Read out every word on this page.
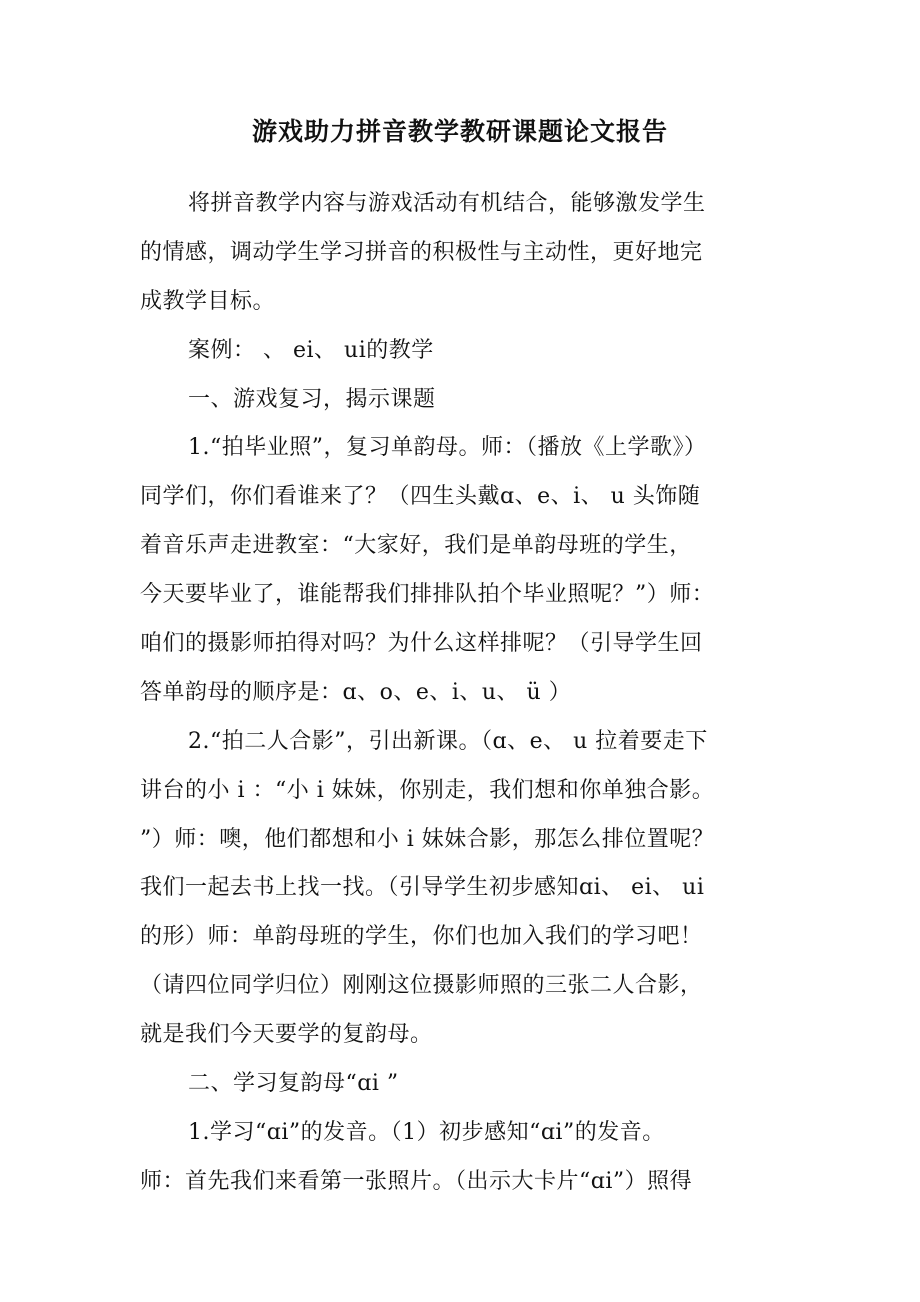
游戏助力拼音教学教研课题论文报告
将拼音教学内容与游戏活动有机结合，能够激发学生
的情感，调动学生学习拼音的积极性与主动性，更好地完
成教学目标。
案例： 、 ei、 ui的教学
一、游戏复习，揭示课题
1.“拍毕业照”，复习单韵母。师：（播放《上学歌》）
同学们，你们看谁来了？（四生头戴ɑ、e、i、 u 头饰随
着音乐声走进教室：“大家好，我们是单韵母班的学生，
今天要毕业了，谁能帮我们排排队拍个毕业照呢？”）师：
咱们的摄影师拍得对吗？为什么这样排呢？（引导学生回
答单韵母的顺序是：ɑ、o、e、i、u、 ü ）
2.“拍二人合影”，引出新课。（ɑ、e、 u 拉着要走下
讲台的小 i ：“小 i 妹妹，你别走，我们想和你单独合影。
”）师：噢，他们都想和小 i 妹妹合影，那怎么排位置呢？
我们一起去书上找一找。（引导学生初步感知ɑi、 ei、 ui
的形）师：单韵母班的学生，你们也加入我们的学习吧！
（请四位同学归位）刚刚这位摄影师照的三张二人合影，
就是我们今天要学的复韵母。
二、学习复韵母“ɑi ”
1.学习“ɑi”的发音。（1）初步感知“ɑi”的发音。
师：首先我们来看第一张照片。（出示大卡片“ɑi”）照得
